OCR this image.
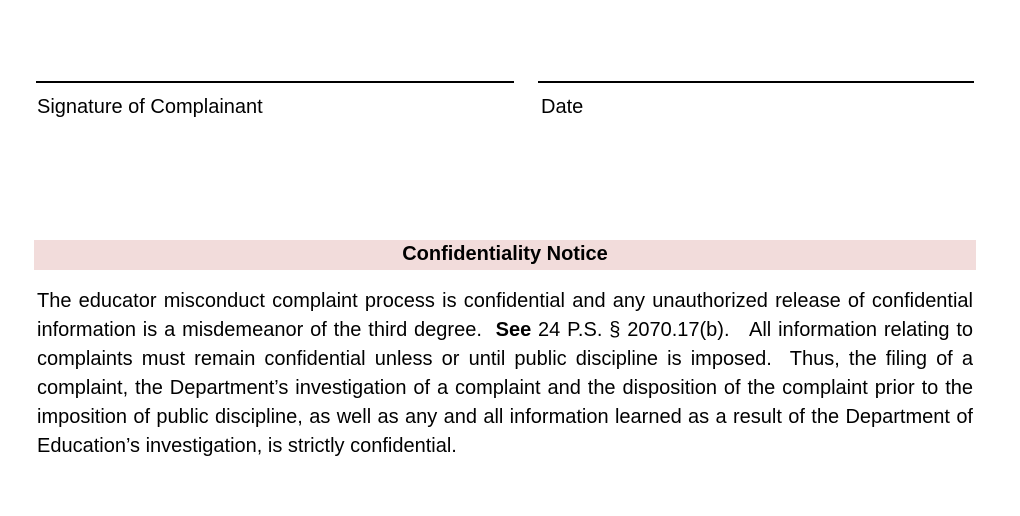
Signature of Complainant	Date
Confidentiality Notice

The educator misconduct complaint process is confidential and any unauthorized release of confidential information is a misdemeanor of the third degree.  See 24 P.S. § 2070.17(b).   All information relating to complaints must remain confidential unless or until public discipline is imposed.  Thus, the filing of a complaint, the Department’s investigation of a complaint and the disposition of the complaint prior to the imposition of public discipline, as well as any and all information learned as a result of the Department of Education’s investigation, is strictly confidential.
